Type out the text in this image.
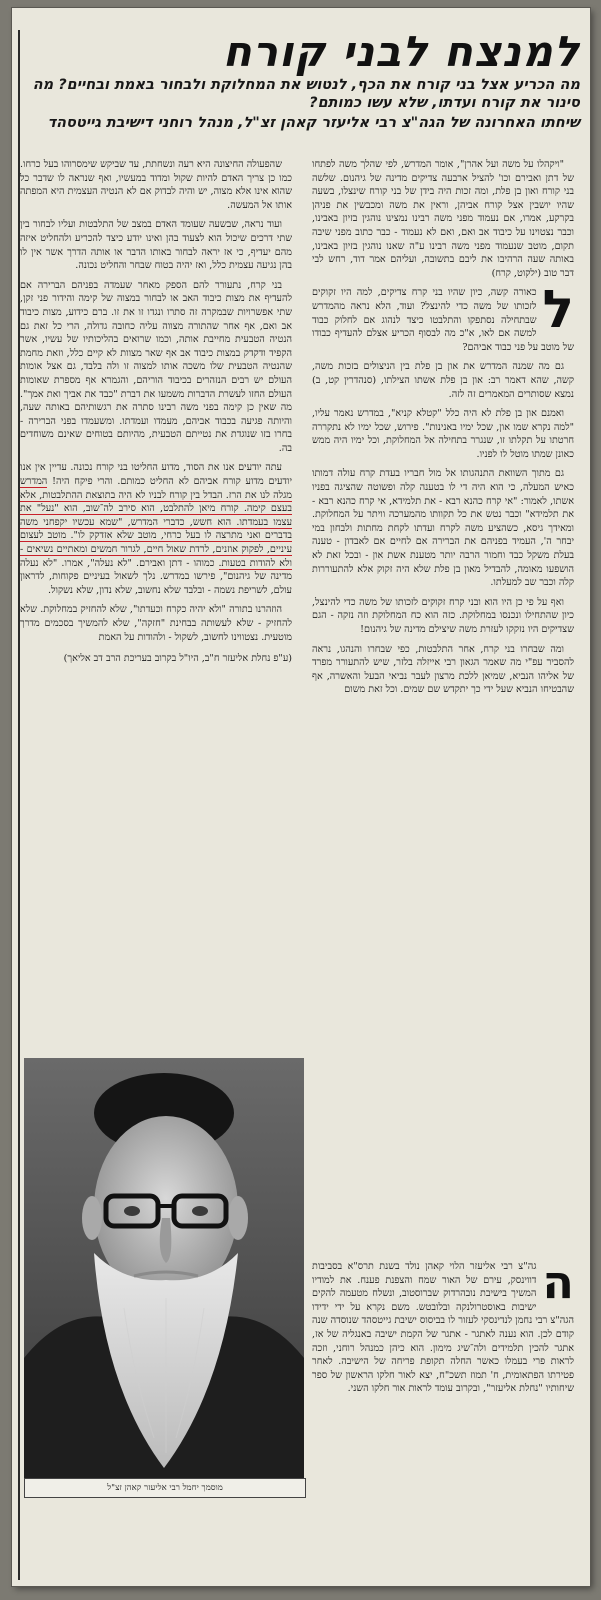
למנצח לבני קורח
מה הכריע אצל בני קורח את הכף, לנטוש את המחלוקת ולבחור באמת ובחיים? מה סינור את קורח ועדתו, שלא עשו כמותם?
שיחתו האחרונה של הגה"צ רבי אליעזר קאהן זצ"ל, מנהל רוחני דישיבת גייטסהד

"ויקהלו על משה ועל אהרן", אומר המדרש, לפי שהלך משה לפתחו של דתן ואבירם וכו' להציל ארבעה צדיקים מדינה של גיהנום. שלשה בני קורח ואון בן פלת, ומה זכות היה בידן של בני קורח שינצלו, בשעה שהיו יושבין אצל קורח אביהן, וראין את משה ומכבשין את פניהן בקרקע, אמרו, אם נעמוד מפני משה רבינו נמצינו נוהגין בזיון באבינו, וכבר נצטוינו על כיבוד אב ואם, ואם לא נעמוד - כבר כתוב מפני שיבה תקום, מוטב שנעמוד מפני משה רבינו ע"ה שאנו נוהגין בזיון באבינו, באותה שעה הרהיבו את ליבם בתשובה, ועליהם אמר דוד, רחש לבי דבר טוב (ילקוט, קרח)

ל
כאורה קשה, כיון שהיו בני קרח צדיקים, למה היו זקוקים לזכותו של משה כדי להינצל? ועוד, הלא נראה מהמדרש שבתחילה נסתפקו והתלבטו כיצד לנהוג אם לחלוק כבוד למשה אם לאו, א"כ מה לבסוף הכריע אצלם להעדיף כבודו של מוטב על פני כבוד אביהם?

גם מה שמנה המדרש את און בן פלת בין הניצולים בזכות משה, קשה, שהא דאמר רב: און בן פלת אשתו הצילתו, (סנהדרין קט, ב) נמצא שסותרים המאמרים זה לזה.

ואמנם און בן פלת לא היה כלל "קטלא קניא", במדרש נאמר עליו, "למה נקרא שמו און, שכל ימיו באנינות". פירוש, שכל ימיו לא נתקררה חרטתו על תקלתו זו, שנגרר בתחילה אל המחלוקת, וכל ימיו היה ממש כאונן שמתו מוטל לו לפניו.

גם מתוך השוואת התנהגותו אל מול חבריו בעדת קרח עולה דמותו כאיש המעלה, כי הוא היה די לו בטענה קלה ופשוטה שהציגה בפניו אשתו, לאמור: "אי קרח כהנא רבא - את תלמידא, אי קרח כהנא רבא - את תלמידא" וכבר נטש את כל תקוותו מהמערכה וויתר על המחלוקת. ומאידך גיסא, כשהציע משה לקרח ועדתו לקחת מחתות ולבחון במי יבחר ה', העמיד בפניהם את הברירה אם לחיים אם לאבדון - טענה בעלת משקל כבד וחמור הרבה יותר מטענת אשת און - ובכל זאת לא הושפעו מאומה, להבדיל מאון בן פלת שלא היה זקוק אלא להתעוררות קלה וכבר שב למעלתו.

ואף על פי כן היו הוא ובני קרח זקוקים לזכותו של משה כדי להינצל, כיון שהתחילו ונכנסו במחלוקת. כזה הוא כח המחלוקת וזה נזקה - הגם שצדיקים היו נזקקו לעזרת משה שיצילם מדינה של גיהנום!

ומה שבחרו בני קרח, אחר התלבטות, כפי שבחרו והנהגו, נראה להסביר עפ"י מה שאמר הגאון רבי אייזלה בלזר, שיש להתעורר מפרד של אליהו הנביא, שמיאן ללכת מרצון לעבר נביאי הבעל והאשרה, אף שהבטיחו הנביא שעל ידי כך יתקדש שם שמים. וכל זאת משום

שהפעולה החיצונה היא רעה ונשחתת, עד שביקש שימסרוהו בעל כרחו. כמו כן צריך האדם להיות שקול ומדוד במעשיו, ואף שנראה לו שדבר כל שהוא אינו אלא מצוה, יש והיה לבדוק אם לא הנטיה העצמית היא המפתה אותו אל המעשה.

ועוד נראה, שבשעה שעומד האדם במצב של התלבטות ועליו לבחור בין שתי דרכים שיכול הוא לצעוד בהן ואינו יודע כיצד להכריע ולהחליט איזה מהם יעדיף, כי אז יראה לבחור באותו הדבר או אותה הדרך אשר אין לו בהן נגיעה עצמית כלל, ואז יהיה בטוח שבחר והחליט נכונה.

בני קרח, נתעורר להם הספק מאחר שעמדה בפניהם הברירה אם להעדיף את מצות כיבוד האב או לבחור במצוה של קימה והידור פני זקן, שתי אפשרויות שבמקרה זה סתרו ונגדו זו את זו. ברם כידוע, מצות כיבוד אב ואם, אף אחר שהתורה מצווה עליה כחובה גדולה, הרי כל זאת גם הנטיה הטבעית מחייבת אותה, וכמו שרואים בהליכותיו של עשיו, אשר הקפיד ודקדק במצות כיבוד אב אף שאר מצוות לא קיים כלל, וזאת מחמת שהנטיה הטבעית שלו משכה אותו למצוה זו ולה בלבד, גם אצל אומות העולם יש רבים הנזהרים בכיבוד הוריהם, והגמרא אף מספרת שאומות העולם החזו לעשרת הדברות משמעו את דברת "כבד את אביך ואת אמך". מה שאין כן קימה בפני משה רבינו סתרה את רגשותיהם באותה שעה, והיותה פגיעה בכבוד אביהם, מעמדו ועמדתו. ומשעמדו בפני הברירה - בחרו בזו שנוגדת את נטייתם הטבעית, מהיותם בטוחים שאינם משוחדים בה.

עתה יודעים אנו את הסוד, מדוע החליטו בני קורח נכונה. עדיין אין אנו יודעים מדוע קורח אביהם לא החליט כמותם. והרי פיקח היה! המדרש מגלה לנו את הרז. הבדל בין קורח לבניו לא היה בתוצאת ההתלבטות, אלא בעצם קימה. קורח מיאן להתלבט, הוא סירב לה־שוב, הוא "נעל" את עצמו בעמדתו. הוא חשש, כדברי המדרש, "שמא עכשיו יקפחני משה בדברים ואני מתרצה לו בעל כרחי, מוטב שלא אזדקק לו". מוטב לעצום עיניים, לפקוק אוזנים, לרדת שאול חיים, לגרור חמשים ומאתיים נשיאים - ולא להודות בטעות. כמוהו - דתן ואבירם. "לא נעלה", אמרו. "לא נעלה מדינה של גיהנום", פירשו במדרש. נלך לשאול בעיניים פקוחות, לדראון עולם, לשריפת נשמה - ובלבד שלא נחשוב, שלא נדון, שלא נשקול.

הוזהרנו בתורה "ולא יהיה כקרח וכעדתו", שלא להחזיק במחלוקת. שלא להחזיק - שלא לעשותה בבחינת "חזקה", שלא להמשיך בסכמים מדרך מוטעית. נצטווינו לחשוב, לשקול - ולהודות על האמת

(ע"פ נחלת אליעזר ח"ב, היו"ל בקרוב בעריכת הרב דב אליאך)

מוסמך יחמל רבי אליעזר קאהן זצ"ל

ה
גה"צ רבי אליעזר הלוי קאהן נולד בשנת תרס"א בסביבות דווינסק, עירם של האור שמח והצפנת פענח. את למודיו המשיך בישיבת נובהרדוק שברוסטוב, ונשלח מטעמה להקים ישיבות באוסטרולנקה ובלובטש. משם נקרא על ידי ידידו הגה"צ רבי נחמן לנדינסקי לעזור לו בביסוס ישיבת גייטסהד שנוסדה שנה קודם לכן. הוא נענה לאתגר - אתגר של הקמת ישיבה באנגליה של אז, אתגר להכין תלמידים ולה־שיג מימון. הוא כיהן כמנהל רוחני, וזכה לראות פרי בעמלו כאשר החלה תקופת פריחה של הישיבה. לאחר פטירתו הפתאומית, ח' תמוז תשכ"ח, יצא לאור חלקו הראשון של ספר שיחותיו "נחלת אליעזר", ובקרוב עומד לראות אור חלקו השני.
